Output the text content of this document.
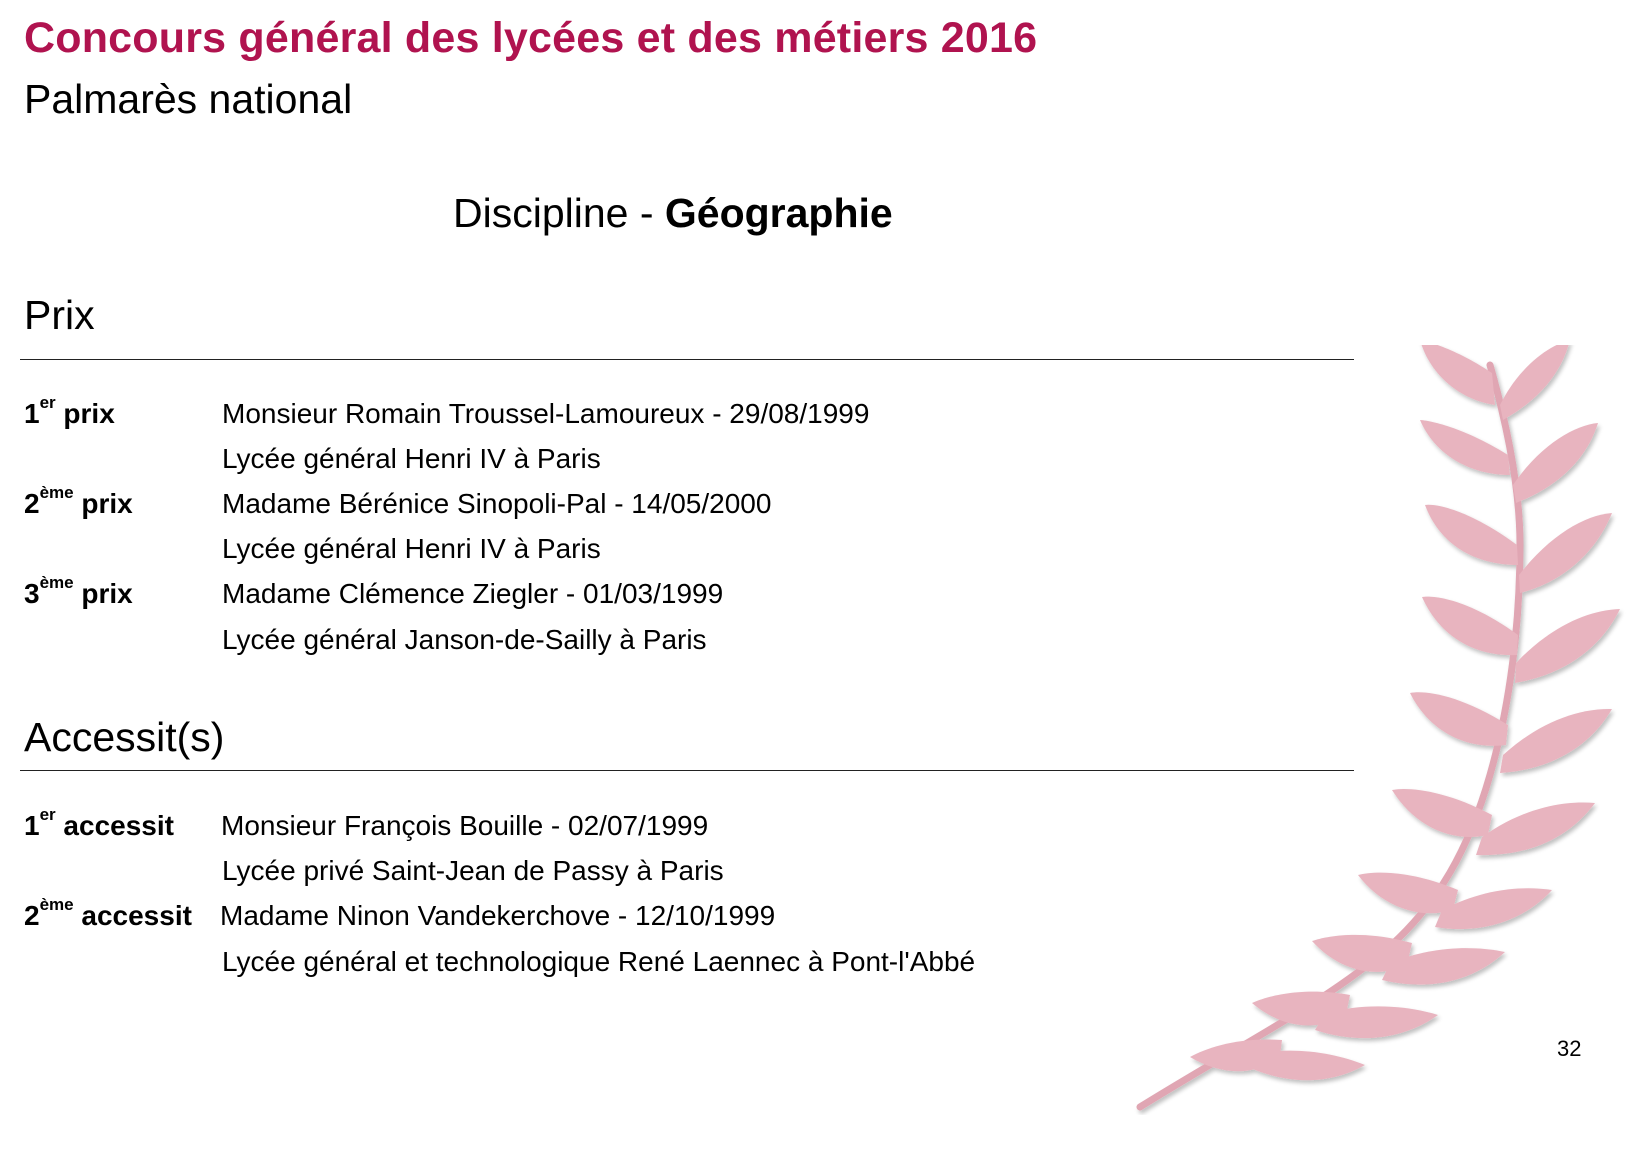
Concours général des lycées et des métiers 2016
Palmarès national
Discipline - Géographie
Prix
1er prix	Monsieur Romain Troussel-Lamoureux - 29/08/1999
Lycée général Henri IV à Paris
2ème prix	Madame Bérénice Sinopoli-Pal - 14/05/2000
Lycée général Henri IV à Paris
3ème prix	Madame Clémence Ziegler - 01/03/1999
Lycée général Janson-de-Sailly à Paris
Accessit(s)
1er accessit Monsieur François Bouille - 02/07/1999
Lycée privé Saint-Jean de Passy à Paris
2ème accessit Madame Ninon Vandekerchove - 12/10/1999
Lycée général et technologique René Laennec à Pont-l'Abbé
32
